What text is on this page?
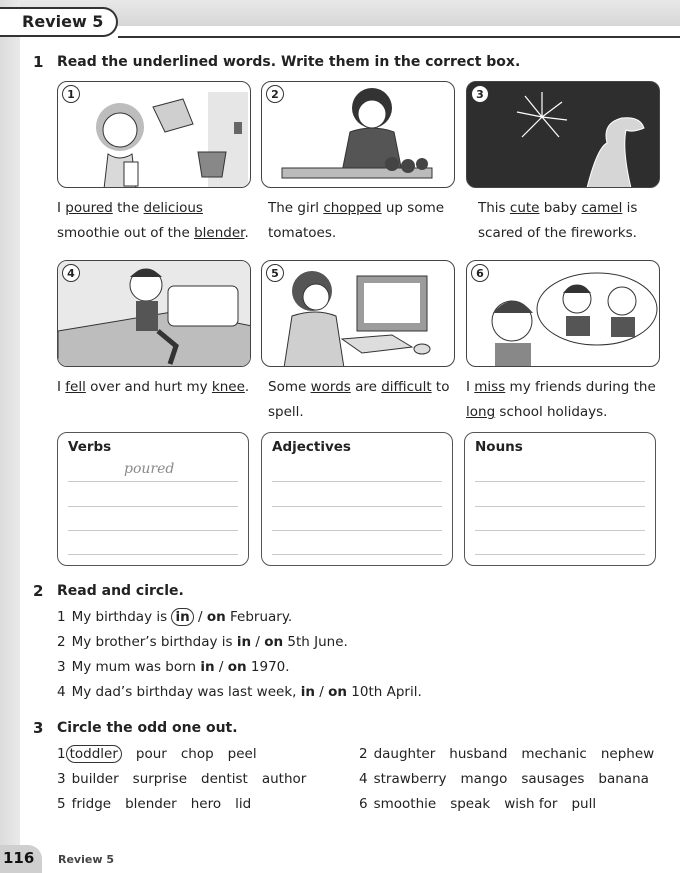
Review 5
1 Read the underlined words. Write them in the correct box.
1
I poured the delicious smoothie out of the blender.
2
The girl chopped up some tomatoes.
3
This cute baby camel is scared of the fireworks.
4
I fell over and hurt my knee.
5
Some words are difficult to spell.
6
I miss my friends during the long school holidays.
Verbs
poured
Adjectives	Nouns
2 Read and circle.
1 My birthday is in / on February.
2 My brother’s birthday is in / on 5th June.
3 My mum was born in / on 1970.
4 My dad’s birthday was last week, in / on 10th April.
3 Circle the odd one out.
1 toddler pour chop peel	2 daughter husband mechanic nephew
3 builder surprise dentist author	4 strawberry mango sausages banana
5 fridge blender hero lid	6 smoothie speak wish for pull
116 Review 5
